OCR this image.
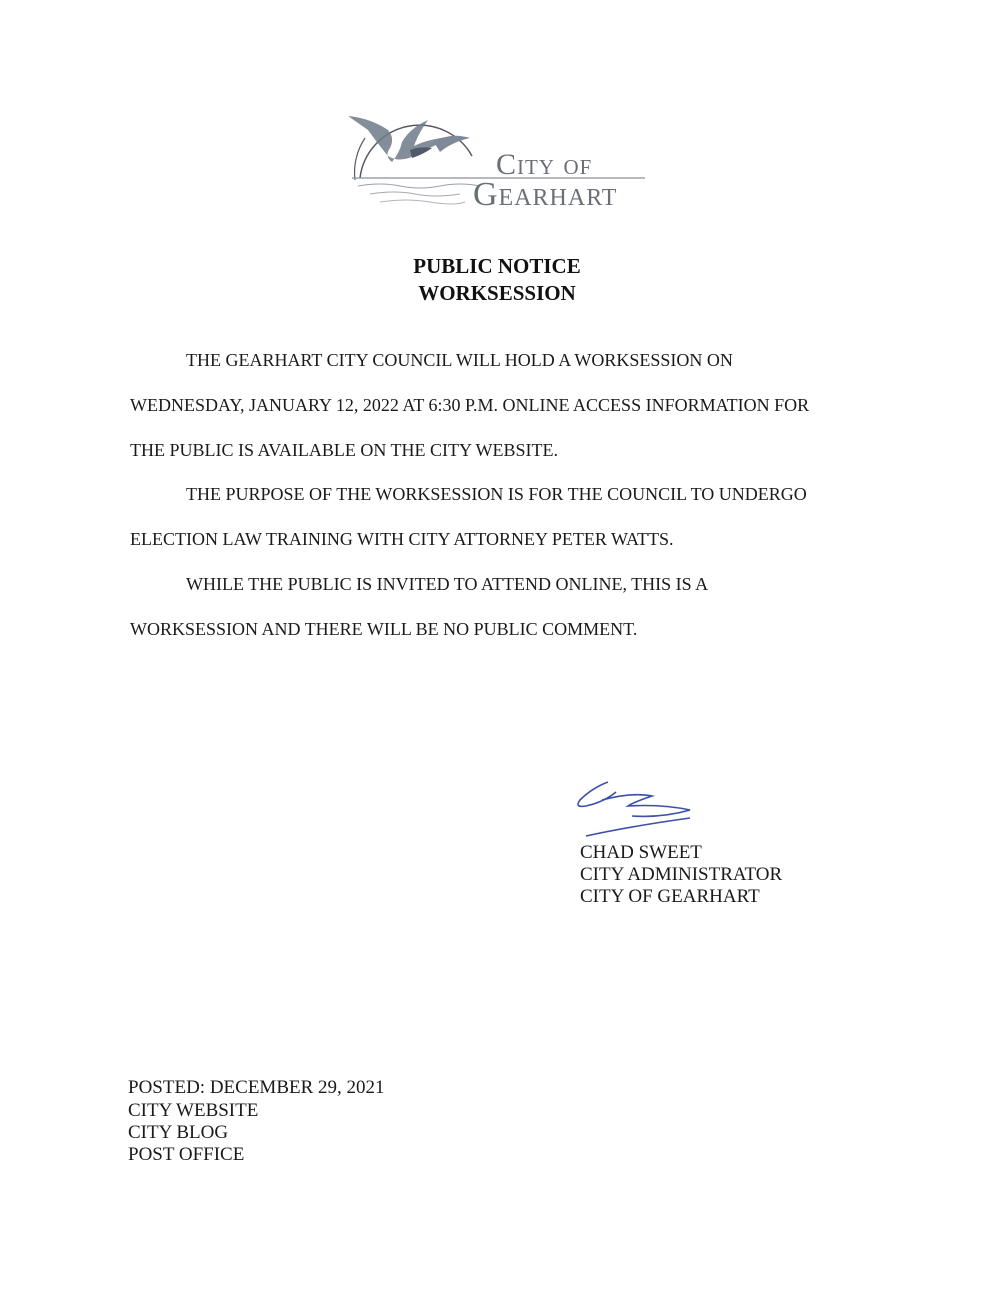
City of
Gearhart
PUBLIC NOTICE
WORKSESSION
THE GEARHART CITY COUNCIL WILL HOLD A WORKSESSION ON
WEDNESDAY, JANUARY 12, 2022 AT 6:30 P.M. ONLINE ACCESS INFORMATION FOR
THE PUBLIC IS AVAILABLE ON THE CITY WEBSITE.
THE PURPOSE OF THE WORKSESSION IS FOR THE COUNCIL TO UNDERGO
ELECTION LAW TRAINING WITH CITY ATTORNEY PETER WATTS.
WHILE THE PUBLIC IS INVITED TO ATTEND ONLINE, THIS IS A
WORKSESSION AND THERE WILL BE NO PUBLIC COMMENT.
CHAD SWEET
CITY ADMINISTRATOR
CITY OF GEARHART
POSTED: DECEMBER 29, 2021
CITY WEBSITE
CITY BLOG
POST OFFICE
